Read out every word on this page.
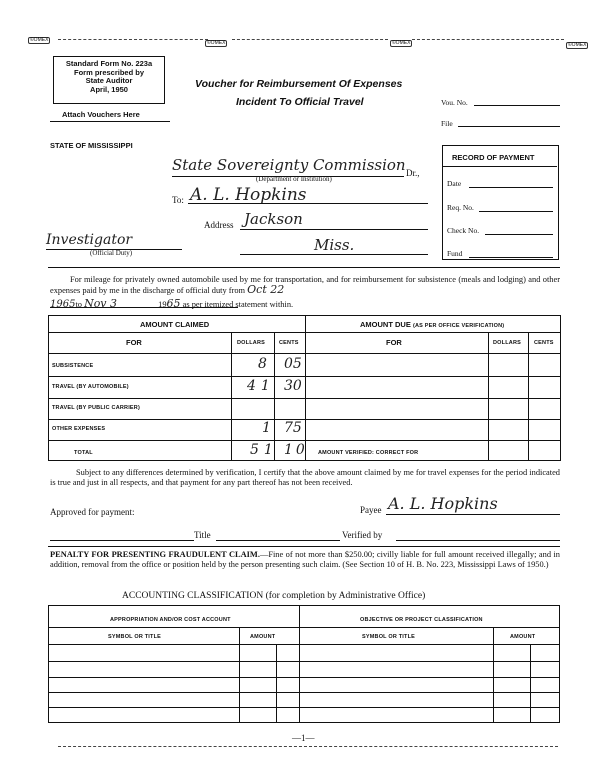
©OMEX	©OMEX	©OMEX	©OMEX
Standard Form No. 223a
Form prescribed by
State Auditor
April, 1950
Attach Vouchers Here
Voucher for Reimbursement Of Expenses
Incident To Official Travel	Vou. No.
File
STATE OF MISSISSIPPI
State Sovereignty Commission Dr.,
(Department or Institution)
To: A. L. Hopkins
Address Jackson
Miss.
Investigator
(Official Duty)
RECORD OF PAYMENT
Date
Req. No.
Check No.
Fund
For mileage for privately owned automobile used by me for transportation, and for reimbursement for subsistence (meals and lodging) and other expenses paid by me in the discharge of official duty from Oct 22
1965to Nov 3	1965 as per itemized statement within.
AMOUNT CLAIMED	AMOUNT DUE (AS PER OFFICE VERIFICATION)
FOR	DOLLARS	CENTS	FOR	DOLLARS CENTS
SUBSISTENCE	8 05
TRAVEL (BY AUTOMOBILE)	41 30
TRAVEL (BY PUBLIC CARRIER)
OTHER EXPENSES	1 75
TOTAL	51 10 AMOUNT VERIFIED: CORRECT FOR
Subject to any differences determined by verification, I certify that the above amount claimed by me for travel expenses for the period indicated is true and just in all respects, and that payment for any part thereof has not been received.
Approved for payment:	Payee A. L. Hopkins
Title	Verified by
PENALTY FOR PRESENTING FRAUDULENT CLAIM.—Fine of not more than $250.00; civilly liable for full amount received illegally; and in addition, removal from the office or position held by the person presenting such claim. (See Section 10 of H. B. No. 223, Mississippi Laws of 1950.)
ACCOUNTING CLASSIFICATION (for completion by Administrative Office)
APPROPRIATION AND/OR COST ACCOUNT	OBJECTIVE OR PROJECT CLASSIFICATION
SYMBOL OR TITLE	AMOUNT	SYMBOL OR TITLE	AMOUNT
—1—
